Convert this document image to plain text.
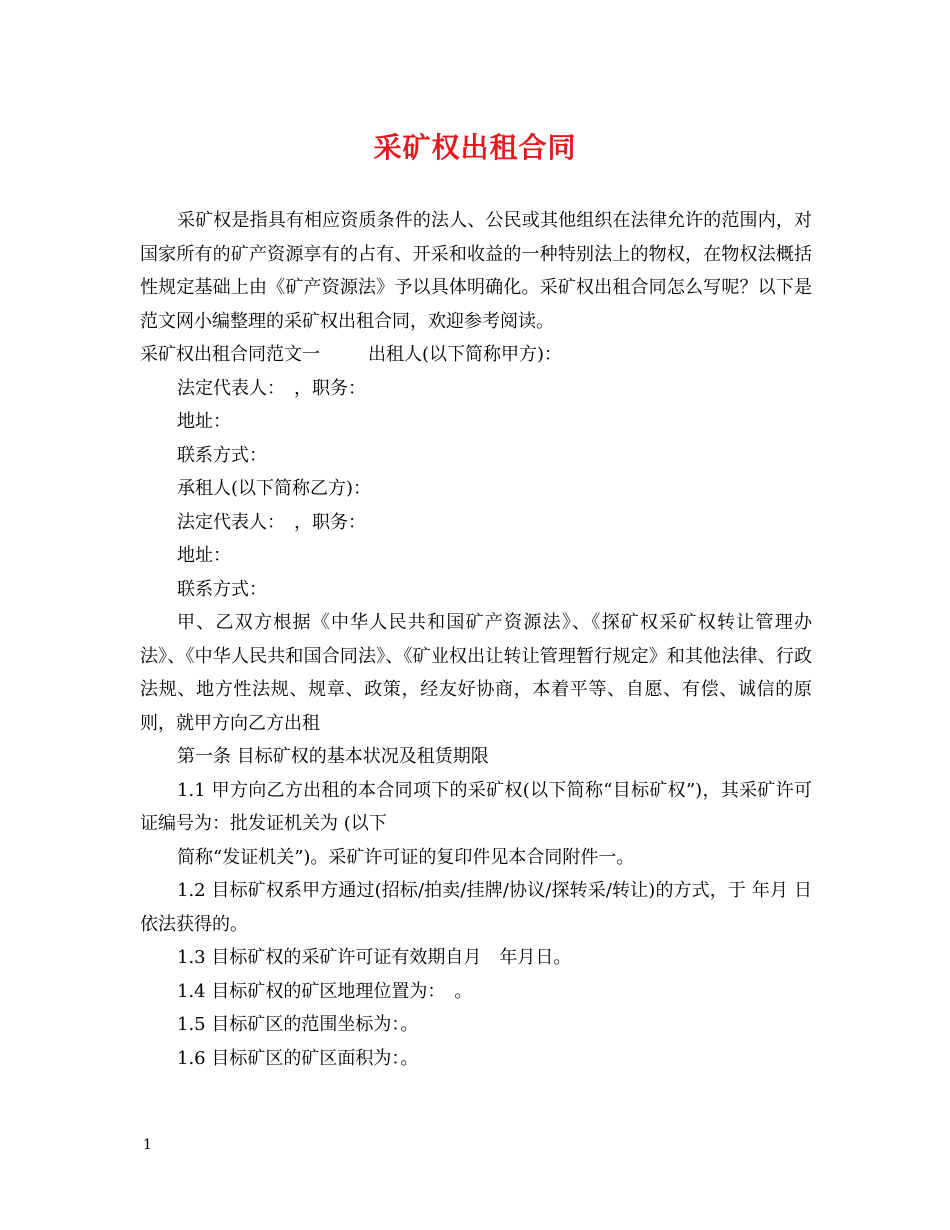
采矿权出租合同

采矿权是指具有相应资质条件的法人、公民或其他组织在法律允许的范围内，对国家所有的矿产资源享有的占有、开采和收益的一种特别法上的物权，在物权法概括性规定基础上由《矿产资源法》予以具体明确化。采矿权出租合同怎么写呢？以下是范文网小编整理的采矿权出租合同，欢迎参考阅读。

采矿权出租合同范文一	出租人(以下简称甲方)：

法定代表人：　，职务：

地址：

联系方式：

承租人(以下简称乙方)：

法定代表人：　，职务：

地址：

联系方式：

甲、乙双方根据《中华人民共和国矿产资源法》、《探矿权采矿权转让管理办法》、《中华人民共和国合同法》、《矿业权出让转让管理暂行规定》和其他法律、行政法规、地方性法规、规章、政策，经友好协商，本着平等、自愿、有偿、诚信的原则，就甲方向乙方出租

第一条 目标矿权的基本状况及租赁期限

1.1 甲方向乙方出租的本合同项下的采矿权(以下简称“目标矿权”)，其采矿许可证编号为：批发证机关为 (以下

简称“发证机关”)。采矿许可证的复印件见本合同附件一。

1.2 目标矿权系甲方通过(招标/拍卖/挂牌/协议/探转采/转让)的方式，于 年月 日依法获得的。

1.3 目标矿权的采矿许可证有效期自月　年月日。

1.4 目标矿权的矿区地理位置为：　。

1.5 目标矿区的范围坐标为：。

1.6 目标矿区的矿区面积为：。

1
